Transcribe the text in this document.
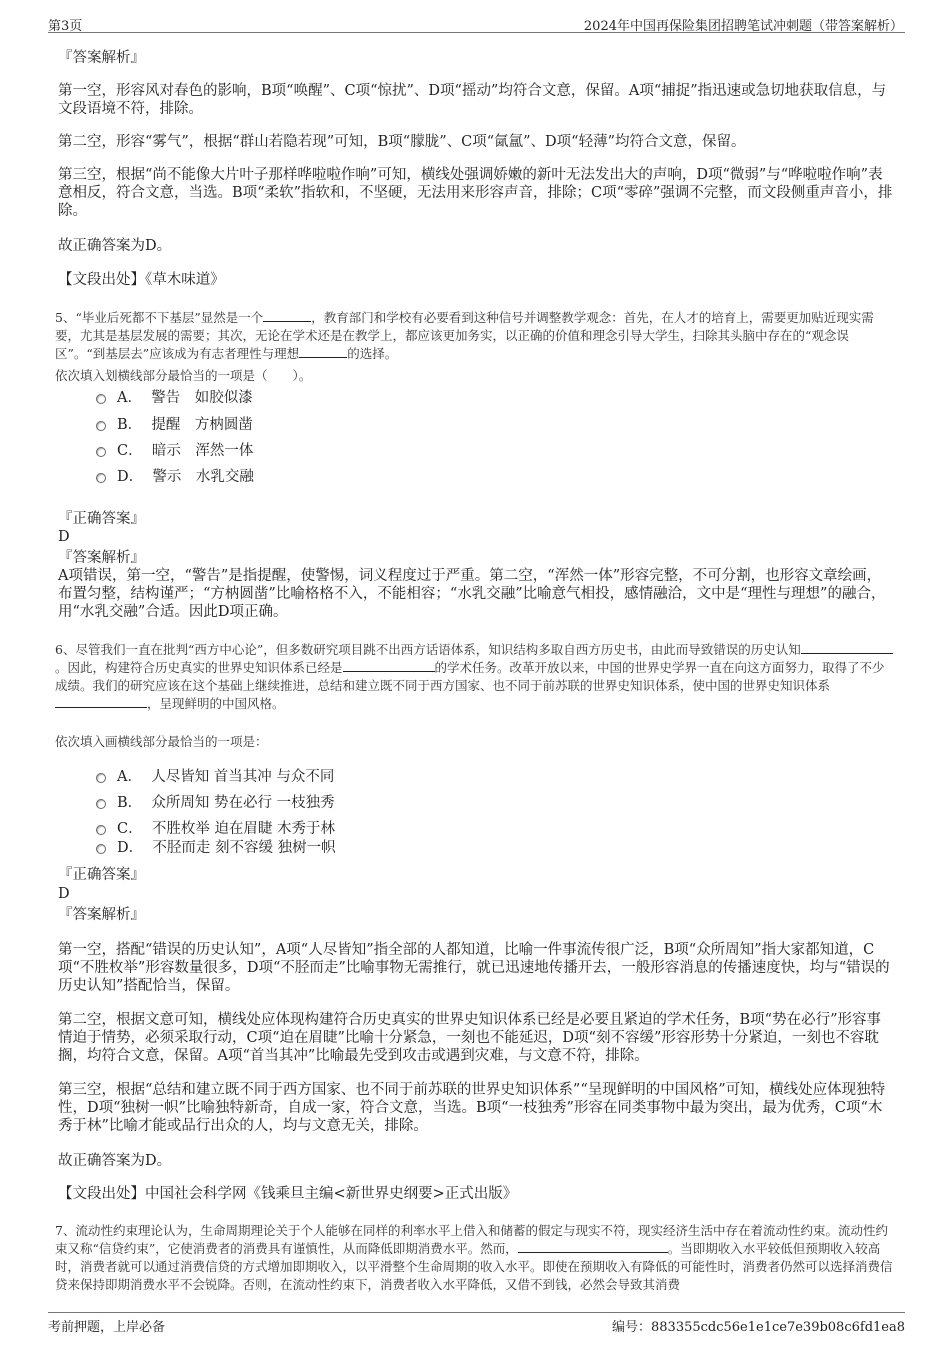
第3页	2024年中国再保险集团招聘笔试冲刺题（带答案解析）

『答案解析』

第一空，形容风对春色的影响，B项“唤醒”、C项“惊扰”、D项“摇动”均符合文意，保留。A项“捕捉”指迅速或急切地获取信息，与文段语境不符，排除。

第二空，形容“雾气”，根据“群山若隐若现”可知，B项“朦胧”、C项“氤氲”、D项“轻薄”均符合文意，保留。

第三空，根据“尚不能像大片叶子那样哗啦啦作响”可知，横线处强调娇嫩的新叶无法发出大的声响，D项“微弱”与“哗啦啦作响”表意相反，符合文意，当选。B项“柔软”指软和，不坚硬，无法用来形容声音，排除；C项“零碎”强调不完整，而文段侧重声音小，排除。

故正确答案为D。

【文段出处】《草木味道》

5、“毕业后死都不下基层”显然是一个	，教育部门和学校有必要看到这种信号并调整教学观念：首先，在人才的培育上，需要更加贴近现实需要，尤其是基层发展的需要；其次，无论在学术还是在教学上，都应该更加务实，以正确的价值和理念引导大学生，扫除其头脑中存在的“观念误区”。“到基层去”应该成为有志者理性与理想	的选择。

依次填入划横线部分最恰当的一项是（　　）。

A． 警告　如胶似漆
B． 提醒　方枘圆凿
C． 暗示　浑然一体
D． 警示　水乳交融
『正确答案』
D
『答案解析』

A项错误，第一空，“警告”是指提醒，使警惕，词义程度过于严重。第二空，“浑然一体”形容完整，不可分割，也形容文章绘画，布置匀整，结构谨严；“方枘圆凿”比喻格格不入，不能相容；“水乳交融”比喻意气相投，感情融洽，文中是“理性与理想”的融合，用“水乳交融”合适。因此D项正确。

6、尽管我们一直在批判“西方中心论”，但多数研究项目跳不出西方话语体系，知识结构多取自西方历史书，由此而导致错误的历史认知。因此，构建符合历史真实的世界史知识体系已经是	的学术任务。改革开放以来，中国的世界史学界一直在向这方面努力，取得了不少成绩。我们的研究应该在这个基础上继续推进，总结和建立既不同于西方国家、也不同于前苏联的世界史知识体系，使中国的世界史知识体系，呈现鲜明的中国风格。

依次填入画横线部分最恰当的一项是：

A． 人尽皆知 首当其冲 与众不同
B． 众所周知 势在必行 一枝独秀
C． 不胜枚举 迫在眉睫 木秀于林
D． 不胫而走 刻不容缓 独树一帜
『正确答案』
D
『答案解析』

第一空，搭配“错误的历史认知”，A项“人尽皆知”指全部的人都知道，比喻一件事流传很广泛，B项“众所周知”指大家都知道，C项“不胜枚举”形容数量很多，D项“不胫而走”比喻事物无需推行，就已迅速地传播开去，一般形容消息的传播速度快，均与“错误的历史认知”搭配恰当，保留。

第二空，根据文意可知，横线处应体现构建符合历史真实的世界史知识体系已经是必要且紧迫的学术任务，B项“势在必行”形容事情迫于情势，必须采取行动，C项“迫在眉睫”比喻十分紧急，一刻也不能延迟，D项“刻不容缓”形容形势十分紧迫，一刻也不容耽搁，均符合文意，保留。A项“首当其冲”比喻最先受到攻击或遇到灾难，与文意不符，排除。

第三空，根据“总结和建立既不同于西方国家、也不同于前苏联的世界史知识体系”“呈现鲜明的中国风格”可知，横线处应体现独特性，D项“独树一帜”比喻独特新奇，自成一家，符合文意，当选。B项“一枝独秀”形容在同类事物中最为突出，最为优秀，C项“木秀于林”比喻才能或品行出众的人，均与文意无关，排除。

故正确答案为D。

【文段出处】中国社会科学网《钱乘旦主编<新世界史纲要>正式出版》

7、流动性约束理论认为，生命周期理论关于个人能够在同样的利率水平上借入和储蓄的假定与现实不符，现实经济生活中存在着流动性约束。流动性约束又称“信贷约束”，它使消费者的消费具有谨慎性，从而降低即期消费水平。然而，	。当即期收入水平较低但预期收入较高时，消费者就可以通过消费信贷的方式增加即期收入，以平滑整个生命周期的收入水平。即使在预期收入有降低的可能性时，消费者仍然可以选择消费信贷来保持即期消费水平不会锐降。否则，在流动性约束下，消费者收入水平降低，又借不到钱，必然会导致其消费

考前押题，上岸必备	编号：883355cdc56e1e1ce7e39b08c6fd1ea8
